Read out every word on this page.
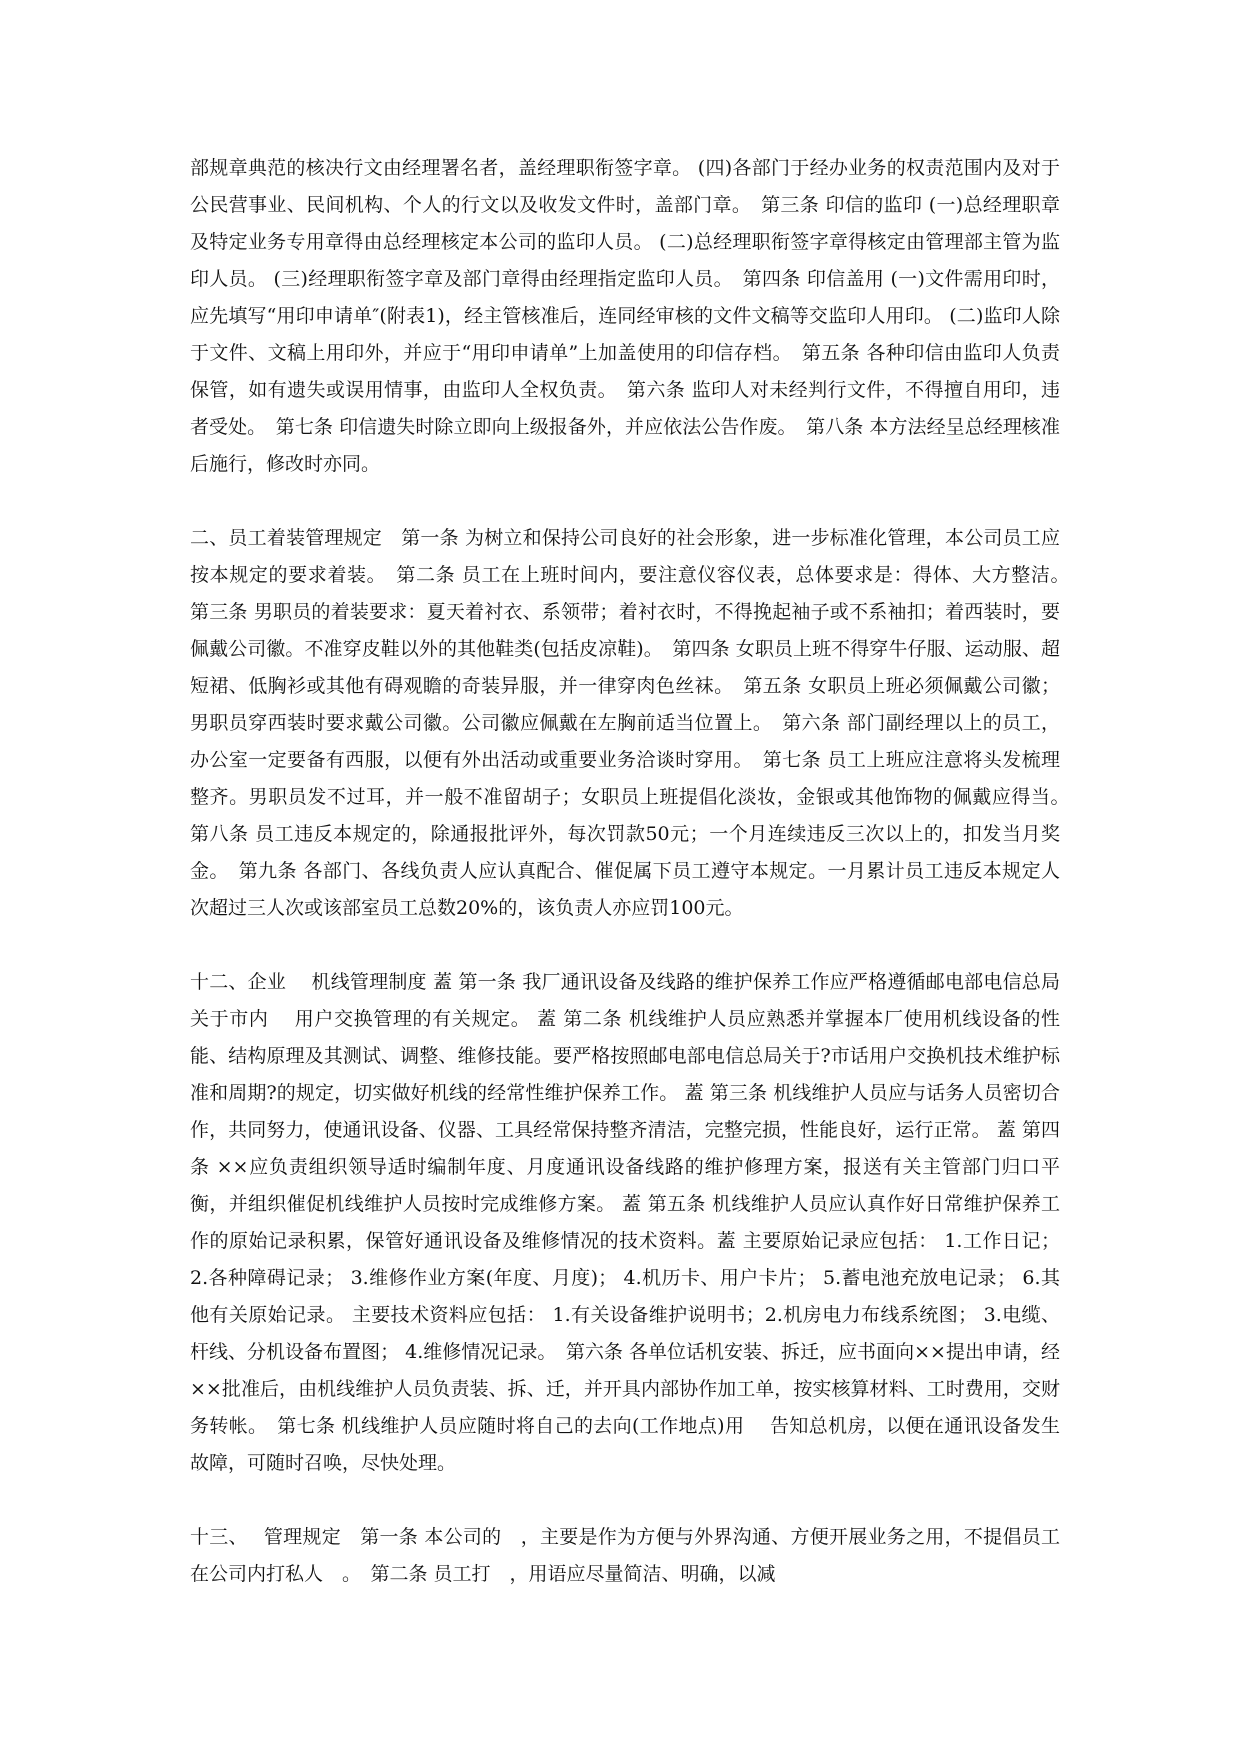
部规章典范的核决行文由经理署名者，盖经理职衔签字章。 (四)各部门于经办业务的权责范围内及对于公民营事业、民间机构、个人的行文以及收发文件时，盖部门章。　第三条 印信的监印 (一)总经理职章及特定业务专用章得由总经理核定本公司的监印人员。 (二)总经理职衔签字章得核定由管理部主管为监印人员。 (三)经理职衔签字章及部门章得由经理指定监印人员。　第四条 印信盖用 (一)文件需用印时，应先填写“用印申请单″(附表1)，经主管核准后，连同经审核的文件文稿等交监印人用印。 (二)监印人除于文件、文稿上用印外，并应于“用印申请单”上加盖使用的印信存档。　第五条 各种印信由监印人负责保管，如有遗失或误用情事，由监印人全权负责。　第六条 监印人对未经判行文件，不得擅自用印，违者受处。　第七条 印信遗失时除立即向上级报备外，并应依法公告作废。　第八条 本方法经呈总经理核准后施行，修改时亦同。

二、员工着装管理规定　第一条 为树立和保持公司良好的社会形象，进一步标准化管理，本公司员工应按本规定的要求着装。　第二条 员工在上班时间内，要注意仪容仪表，总体要求是：得体、大方整洁。　第三条 男职员的着装要求：夏天着衬衣、系领带；着衬衣时，不得挽起袖子或不系袖扣；着西装时，要佩戴公司徽。不准穿皮鞋以外的其他鞋类(包括皮凉鞋)。　第四条 女职员上班不得穿牛仔服、运动服、超短裙、低胸衫或其他有碍观瞻的奇装异服，并一律穿肉色丝袜。　第五条 女职员上班必须佩戴公司徽；男职员穿西装时要求戴公司徽。公司徽应佩戴在左胸前适当位置上。　第六条 部门副经理以上的员工，办公室一定要备有西服，以便有外出活动或重要业务洽谈时穿用。　第七条 员工上班应注意将头发梳理整齐。男职员发不过耳，并一般不准留胡子；女职员上班提倡化淡妆，金银或其他饰物的佩戴应得当。　第八条 员工违反本规定的，除通报批评外，每次罚款50元；一个月连续违反三次以上的，扣发当月奖金。　第九条 各部门、各线负责人应认真配合、催促属下员工遵守本规定。一月累计员工违反本规定人次超过三人次或该部室员工总数20%的，该负责人亦应罚100元。

十二、企业　 机线管理制度 蓋 第一条 我厂通讯设备及线路的维护保养工作应严格遵循邮电部电信总局关于市内　 用户交换管理的有关规定。 蓋 第二条 机线维护人员应熟悉并掌握本厂使用机线设备的性能、结构原理及其测试、调整、维修技能。要严格按照邮电部电信总局关于?市话用户交换机技术维护标准和周期?的规定，切实做好机线的经常性维护保养工作。 蓋 第三条 机线维护人员应与话务人员密切合作，共同努力，使通讯设备、仪器、工具经常保持整齐清洁，完整完损，性能良好，运行正常。 蓋 第四条 ××应负责组织领导适时编制年度、月度通讯设备线路的维护修理方案，报送有关主管部门归口平衡，并组织催促机线维护人员按时完成维修方案。 蓋 第五条 机线维护人员应认真作好日常维护保养工作的原始记录积累，保管好通讯设备及维修情况的技术资料。蓋 主要原始记录应包括： 1.工作日记； 2.各种障碍记录； 3.维修作业方案(年度、月度)； 4.机历卡、用户卡片； 5.蓄电池充放电记录； 6.其他有关原始记录。 主要技术资料应包括： 1.有关设备维护说明书；2.机房电力布线系统图； 3.电缆、杆线、分机设备布置图； 4.维修情况记录。　第六条 各单位话机安装、拆迁，应书面向××提出申请，经××批准后，由机线维护人员负责装、拆、迁，并开具内部协作加工单，按实核算材料、工时费用，交财务转帐。　第七条 机线维护人员应随时将自己的去向(工作地点)用　 告知总机房，以便在通讯设备发生故障，可随时召唤，尽快处理。

十三、　 管理规定　第一条 本公司的　，主要是作为方便与外界沟通、方便开展业务之用，不提倡员工在公司内打私人　。　第二条 员工打　，用语应尽量简洁、明确，以减
